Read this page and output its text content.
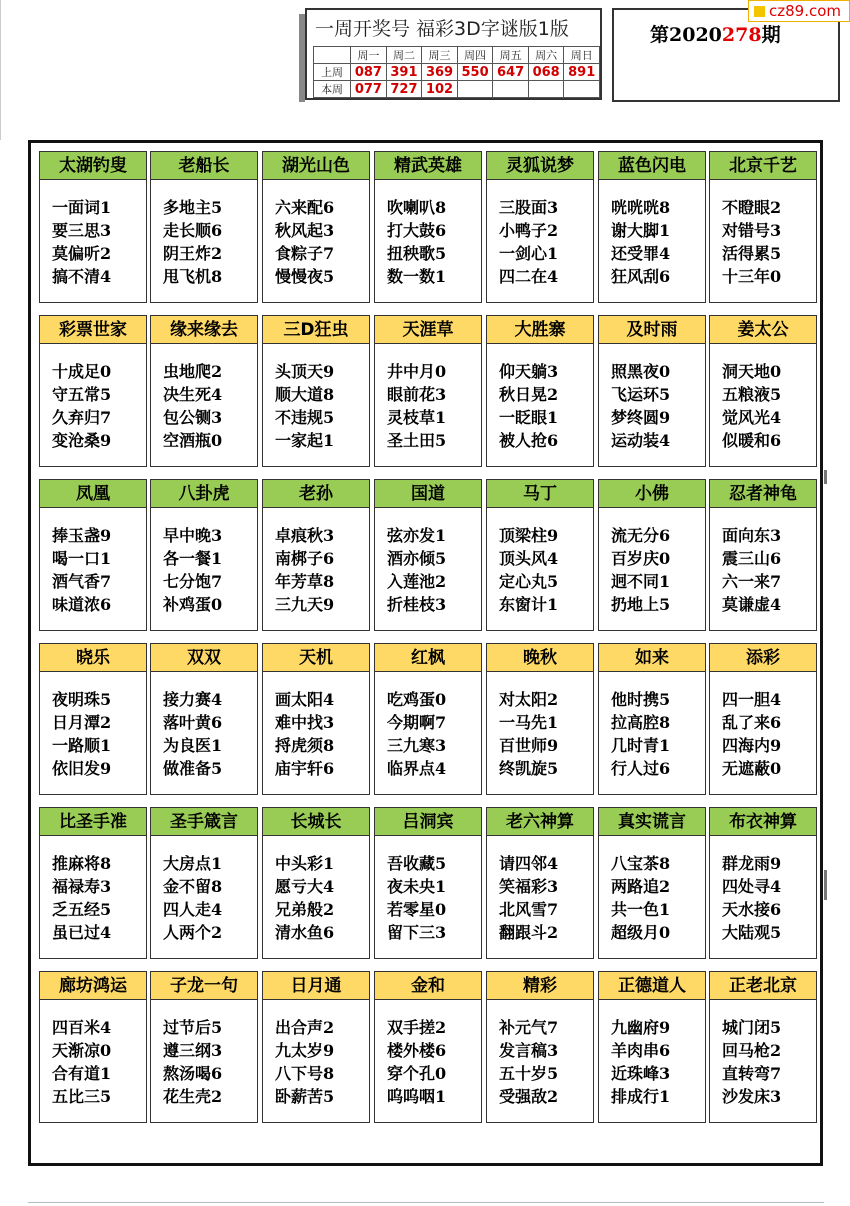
一周开奖号 福彩3D字谜版1版
	周一	周二	周三	周四	周五	周六	周日
上周	087	391	369	550	647	068	891
本周	077	727	102				
第2020278期
cz89.com
太湖钓叟
一面词1
要三思3
莫偏听2
搞不清4
老船长
多地主5
走长顺6
阴王炸2
甩飞机8
湖光山色
六来配6
秋风起3
食粽子7
慢慢夜5
精武英雄
吹喇叭8
打大鼓6
扭秧歌5
数一数1
灵狐说梦
三股面3
小鸭子2
一剑心1
四二在4
蓝色闪电
咣咣咣8
谢大脚1
还受罪4
狂风刮6
北京千艺
不瞪眼2
对错号3
活得累5
十三年0
彩票世家
十成足0
守五常5
久弃归7
变沧桑9
缘来缘去
虫地爬2
决生死4
包公铡3
空酒瓶0
三D狂虫
头顶天9
顺大道8
不违规5
一家起1
天涯草
井中月0
眼前花3
灵枝草1
圣土田5
大胜寨
仰天躺3
秋日晃2
一眨眼1
被人抢6
及时雨
照黑夜0
飞运环5
梦终圆9
运动装4
姜太公
洞天地0
五粮液5
觉风光4
似暖和6
凤凰
捧玉盏9
喝一口1
酒气香7
味道浓6
八卦虎
早中晚3
各一餐1
七分饱7
补鸡蛋0
老孙
卓痕秋3
南梆子6
年芳草8
三九天9
国道
弦亦发1
酒亦倾5
入莲池2
折桂枝3
马丁
顶梁柱9
顶头风4
定心丸5
东窗计1
小佛
流无分6
百岁庆0
迥不同1
扔地上5
忍者神龟
面向东3
震三山6
六一来7
莫谦虚4
晓乐
夜明珠5
日月潭2
一路顺1
依旧发9
双双
接力赛4
落叶黄6
为良医1
做准备5
天机
画太阳4
难中找3
捋虎须8
庙宇轩6
红枫
吃鸡蛋0
今期啊7
三九寒3
临界点4
晚秋
对太阳2
一马先1
百世师9
终凯旋5
如来
他时携5
拉高腔8
几时青1
行人过6
添彩
四一胆4
乱了来6
四海内9
无遮蔽0
比圣手准
推麻将8
福禄寿3
乏五经5
虽已过4
圣手箴言
大房点1
金不留8
四人走4
人两个2
长城长
中头彩1
愿亏大4
兄弟般2
清水鱼6
吕洞宾
吾收藏5
夜未央1
若零星0
留下三3
老六神算
请四邻4
笑福彩3
北风雪7
翻跟斗2
真实谎言
八宝茶8
两路追2
共一色1
超级月0
布衣神算
群龙雨9
四处寻4
天水接6
大陆观5
廊坊鸿运
四百米4
天渐凉0
合有道1
五比三5
子龙一句
过节后5
遵三纲3
熬汤喝6
花生壳2
日月通
出合声2
九太岁9
八下号8
卧薪苦5
金和
双手搓2
楼外楼6
穿个孔0
呜呜咽1
精彩
补元气7
发言稿3
五十岁5
受强敌2
正德道人
九幽府9
羊肉串6
近珠峰3
排成行1
正老北京
城门闭5
回马枪2
直转弯7
沙发床3
